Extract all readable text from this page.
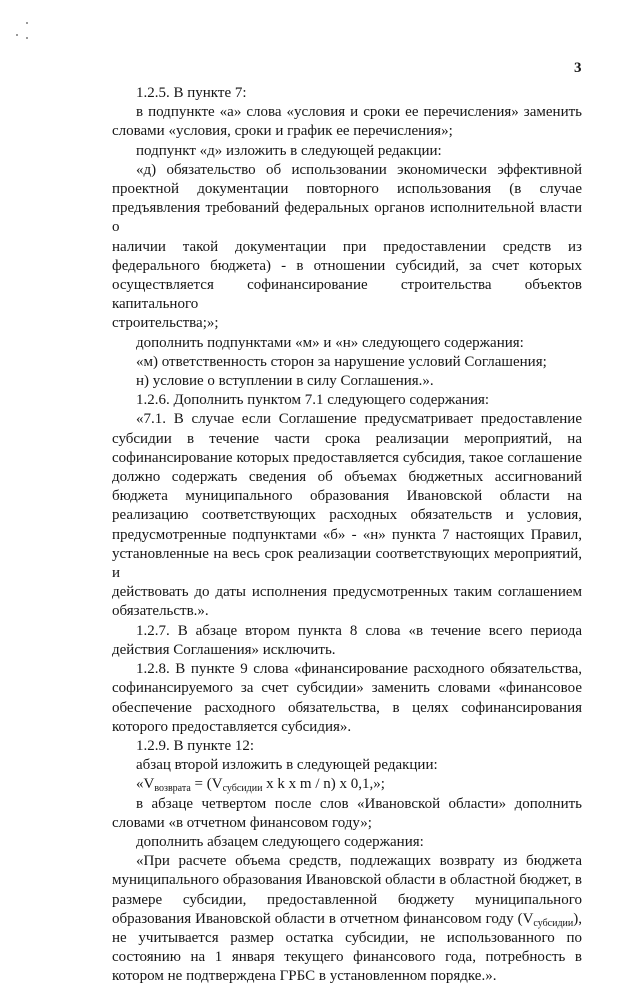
3

1.2.5. В пункте 7:

в подпункте «а» слова «условия и сроки ее перечисления» заменить

словами «условия, сроки и график ее перечисления»;

подпункт «д» изложить в следующей редакции:

«д) обязательство об использовании экономически эффективной

проектной документации повторного использования (в случае

предъявления требований федеральных органов исполнительной власти о

наличии такой документации при предоставлении средств из

федерального бюджета) - в отношении субсидий, за счет которых

осуществляется софинансирование строительства объектов капитального

строительства;»;

дополнить подпунктами «м» и «н» следующего содержания:

«м) ответственность сторон за нарушение условий Соглашения;

н) условие о вступлении в силу Соглашения.».

1.2.6. Дополнить пунктом 7.1 следующего содержания:

«7.1. В случае если Соглашение предусматривает предоставление

субсидии в течение части срока реализации мероприятий, на

софинансирование которых предоставляется субсидия, такое соглашение

должно содержать сведения об объемах бюджетных ассигнований

бюджета муниципального образования Ивановской области на

реализацию соответствующих расходных обязательств и условия,

предусмотренные подпунктами «б» - «н» пункта 7 настоящих Правил,

установленные на весь срок реализации соответствующих мероприятий, и

действовать до даты исполнения предусмотренных таким соглашением

обязательств.».

1.2.7. В абзаце втором пункта 8 слова «в течение всего периода

действия Соглашения» исключить.

1.2.8. В пункте 9 слова «финансирование расходного обязательства,

софинансируемого за счет субсидии» заменить словами «финансовое

обеспечение расходного обязательства, в целях софинансирования

которого предоставляется субсидия».

1.2.9. В пункте 12:

абзац второй изложить в следующей редакции:

«$V_{возврата} = (V_{субсидии}$ x k x m / n) x 0,1,»;

в абзаце четвертом после слов «Ивановской области» дополнить

словами «в отчетном финансовом году»;

дополнить абзацем следующего содержания:

«При расчете объема средств, подлежащих возврату из бюджета

муниципального образования Ивановской области в областной бюджет, в

размере субсидии, предоставленной бюджету муниципального

образования Ивановской области в отчетном финансовом году $(V_{субсидии})$,

не учитывается размер остатка субсидии, не использованного по

состоянию на 1 января текущего финансового года, потребность в

котором не подтверждена ГРБС в установленном порядке.».
